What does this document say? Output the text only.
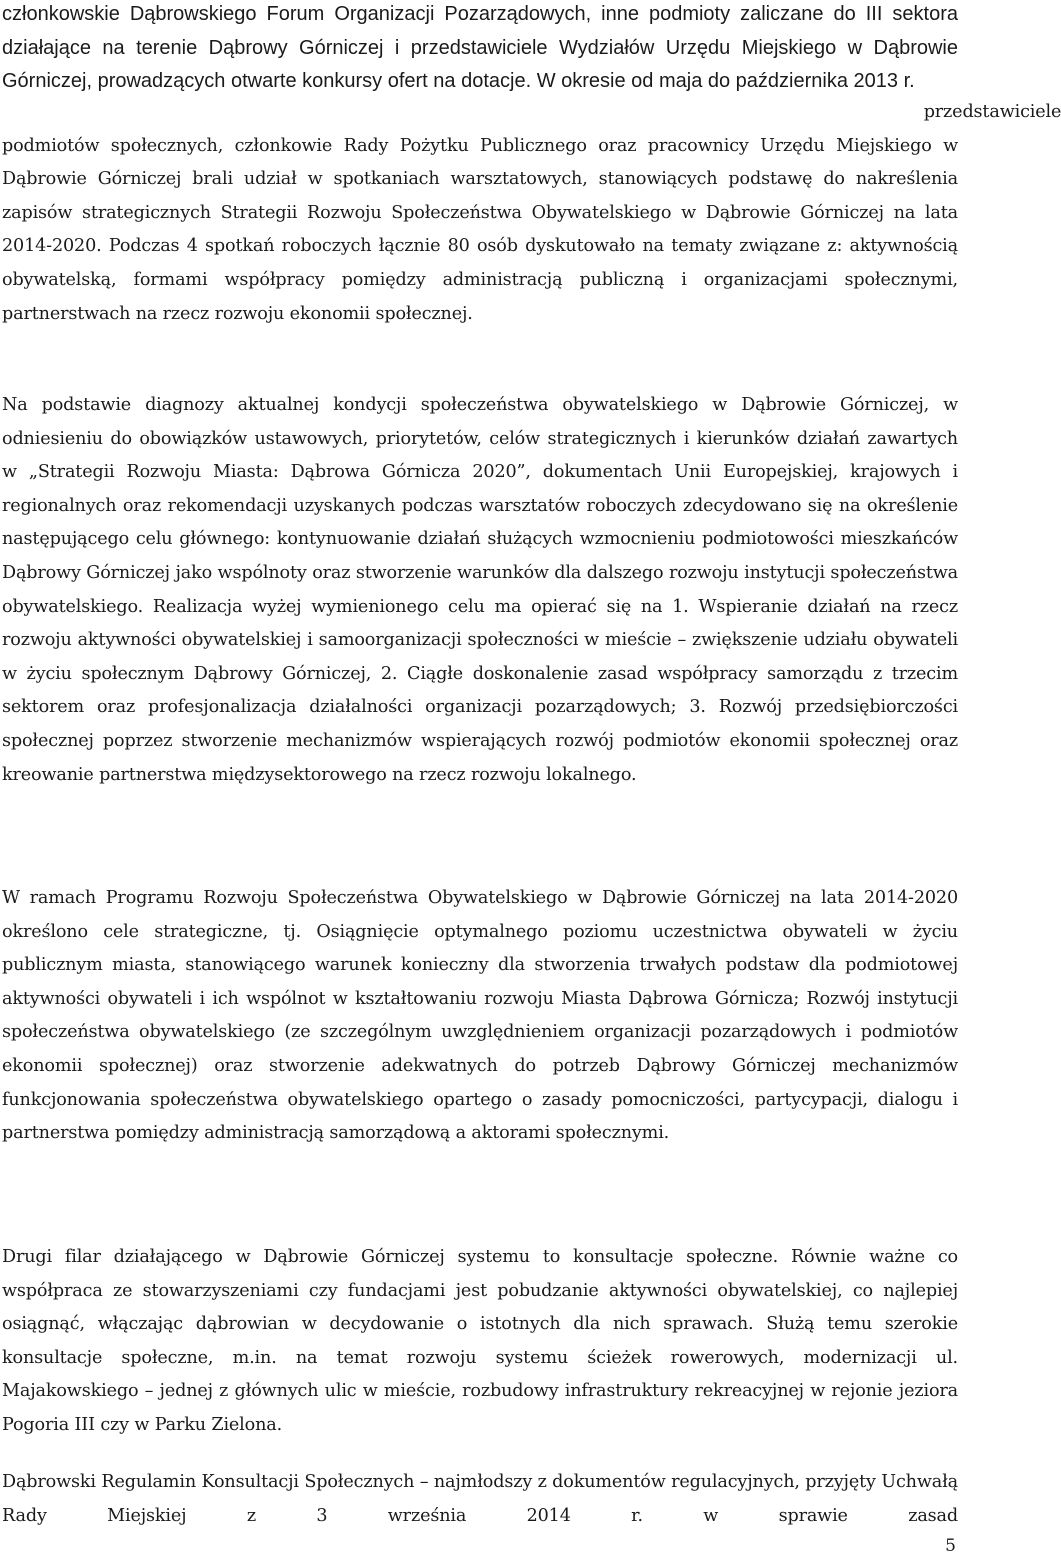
członkowskie Dąbrowskiego Forum Organizacji Pozarządowych, inne podmioty zaliczane do III sektora działające na terenie Dąbrowy Górniczej i przedstawiciele Wydziałów Urzędu Miejskiego w Dąbrowie Górniczej, prowadzących otwarte konkursy ofert na dotacje. W okresie od maja do października 2013 r.

przedstawiciele podmiotów społecznych, członkowie Rady Pożytku Publicznego oraz pracownicy Urzędu Miejskiego w Dąbrowie Górniczej brali udział w spotkaniach warsztatowych, stanowiących podstawę do nakreślenia zapisów strategicznych Strategii Rozwoju Społeczeństwa Obywatelskiego w Dąbrowie Górniczej na lata 2014-2020. Podczas 4 spotkań roboczych łącznie 80 osób dyskutowało na tematy związane z: aktywnością obywatelską, formami współpracy pomiędzy administracją publiczną i organizacjami społecznymi, partnerstwach na rzecz rozwoju ekonomii społecznej.

Na podstawie diagnozy aktualnej kondycji społeczeństwa obywatelskiego w Dąbrowie Górniczej, w odniesieniu do obowiązków ustawowych, priorytetów, celów strategicznych i kierunków działań zawartych w „Strategii Rozwoju Miasta: Dąbrowa Górnicza 2020”, dokumentach Unii Europejskiej, krajowych i regionalnych oraz rekomendacji uzyskanych podczas warsztatów roboczych zdecydowano się na określenie następującego celu głównego: kontynuowanie działań służących wzmocnieniu podmiotowości mieszkańców Dąbrowy Górniczej jako wspólnoty oraz stworzenie warunków dla dalszego rozwoju instytucji społeczeństwa obywatelskiego. Realizacja wyżej wymienionego celu ma opierać się na 1. Wspieranie działań na rzecz rozwoju aktywności obywatelskiej i samoorganizacji społeczności w mieście – zwiększenie udziału obywateli w życiu społecznym Dąbrowy Górniczej, 2. Ciągłe doskonalenie zasad współpracy samorządu z trzecim sektorem oraz profesjonalizacja działalności organizacji pozarządowych; 3. Rozwój przedsiębiorczości społecznej poprzez stworzenie mechanizmów wspierających rozwój podmiotów ekonomii społecznej oraz kreowanie partnerstwa międzysektorowego na rzecz rozwoju lokalnego.

W ramach Programu Rozwoju Społeczeństwa Obywatelskiego w Dąbrowie Górniczej na lata 2014-2020 określono cele strategiczne, tj. Osiągnięcie optymalnego poziomu uczestnictwa obywateli w życiu publicznym miasta, stanowiącego warunek konieczny dla stworzenia trwałych podstaw dla podmiotowej aktywności obywateli i ich wspólnot w kształtowaniu rozwoju Miasta Dąbrowa Górnicza; Rozwój instytucji społeczeństwa obywatelskiego (ze szczególnym uwzględnieniem organizacji pozarządowych i podmiotów ekonomii społecznej) oraz stworzenie adekwatnych do potrzeb Dąbrowy Górniczej mechanizmów funkcjonowania społeczeństwa obywatelskiego opartego o zasady pomocniczości, partycypacji, dialogu i partnerstwa pomiędzy administracją samorządową a aktorami społecznymi.

Drugi filar działającego w Dąbrowie Górniczej systemu to konsultacje społeczne. Równie ważne co współpraca ze stowarzyszeniami czy fundacjami jest pobudzanie aktywności obywatelskiej, co najlepiej osiągnąć, włączając dąbrowian w decydowanie o istotnych dla nich sprawach. Służą temu szerokie konsultacje społeczne, m.in. na temat rozwoju systemu ścieżek rowerowych, modernizacji ul. Majakowskiego – jednej z głównych ulic w mieście, rozbudowy infrastruktury rekreacyjnej w rejonie jeziora Pogoria III czy w Parku Zielona.

Dąbrowski Regulamin Konsultacji Społecznych – najmłodszy z dokumentów regulacyjnych, przyjęty Uchwałą Rady Miejskiej z 3 września 2014 r. w sprawie zasad

5
